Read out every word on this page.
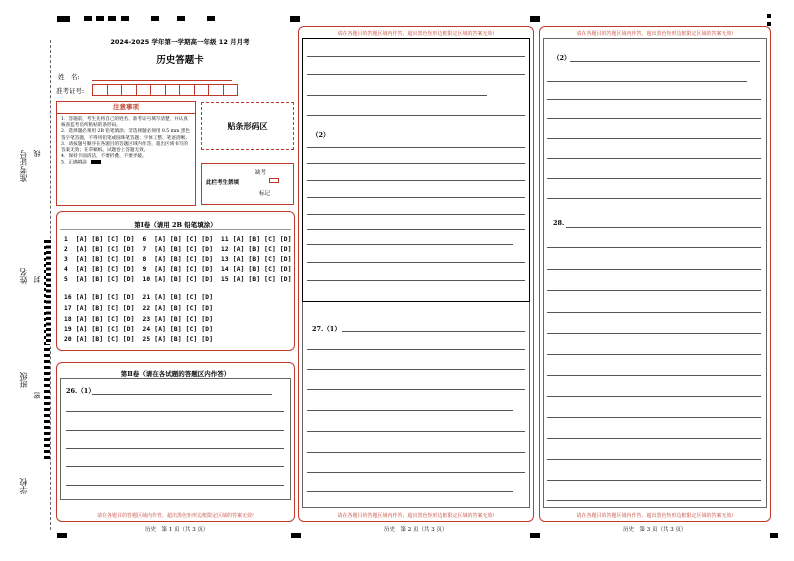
准考证号 线
姓名 封
班级
密
学校
2024-2025 学年第一学期高一年级 12 月月考
历史答题卡
姓　名:
准考证号:
注意事项
1．答题前，考生先将自己的姓名、准考证号填写清楚，并认真核查监考员所粘贴的条形码。
2．选择题必须用 2B 铅笔填涂；非选择题必须用 0.5 mm 黑色签字笔答题，不得用铅笔或圆珠笔答题；字体工整、笔迹清晰。
3．请按题号顺序在各题目的答题区域内作答，超出区域书写的答案无效；在草稿纸、试题卷上答题无效。
4．保持卡面清洁，不要折叠、不要弄破。
5．正确填涂
贴条形码区
此栏考生禁填
缺考
标记
第Ⅰ卷（请用 2B 铅笔填涂）
1  [A] [B] [C] [D]  6  [A] [B] [C] [D]  11 [A] [B] [C] [D]
2  [A] [B] [C] [D]  7  [A] [B] [C] [D]  12 [A] [B] [C] [D]
3  [A] [B] [C] [D]  8  [A] [B] [C] [D]  13 [A] [B] [C] [D]
4  [A] [B] [C] [D]  9  [A] [B] [C] [D]  14 [A] [B] [C] [D]
5  [A] [B] [C] [D]  10 [A] [B] [C] [D]  15 [A] [B] [C] [D]
16 [A] [B] [C] [D]  21 [A] [B] [C] [D]
17 [A] [B] [C] [D]  22 [A] [B] [C] [D]
18 [A] [B] [C] [D]  23 [A] [B] [C] [D]
19 [A] [B] [C] [D]  24 [A] [B] [C] [D]
20 [A] [B] [C] [D]  25 [A] [B] [C] [D]
第Ⅱ卷（请在各试题的答题区内作答）
26.（1）
请在各题目的答题区域内作答，超出黑色矩形边框限定区域的答案无效!
历史　第 1 页（共 3 页）
请在各题目的答题区域内作答，超出黑色矩形边框限定区域的答案无效!
（2）
27.（1）
请在各题目的答题区域内作答，超出黑色矩形边框限定区域的答案无效!
历史　第 2 页（共 3 页）
请在各题目的答题区域内作答，超出黑色矩形边框限定区域的答案无效!
（2）
28.
请在各题目的答题区域内作答，超出黑色矩形边框限定区域的答案无效!
历史　第 3 页（共 3 页）
